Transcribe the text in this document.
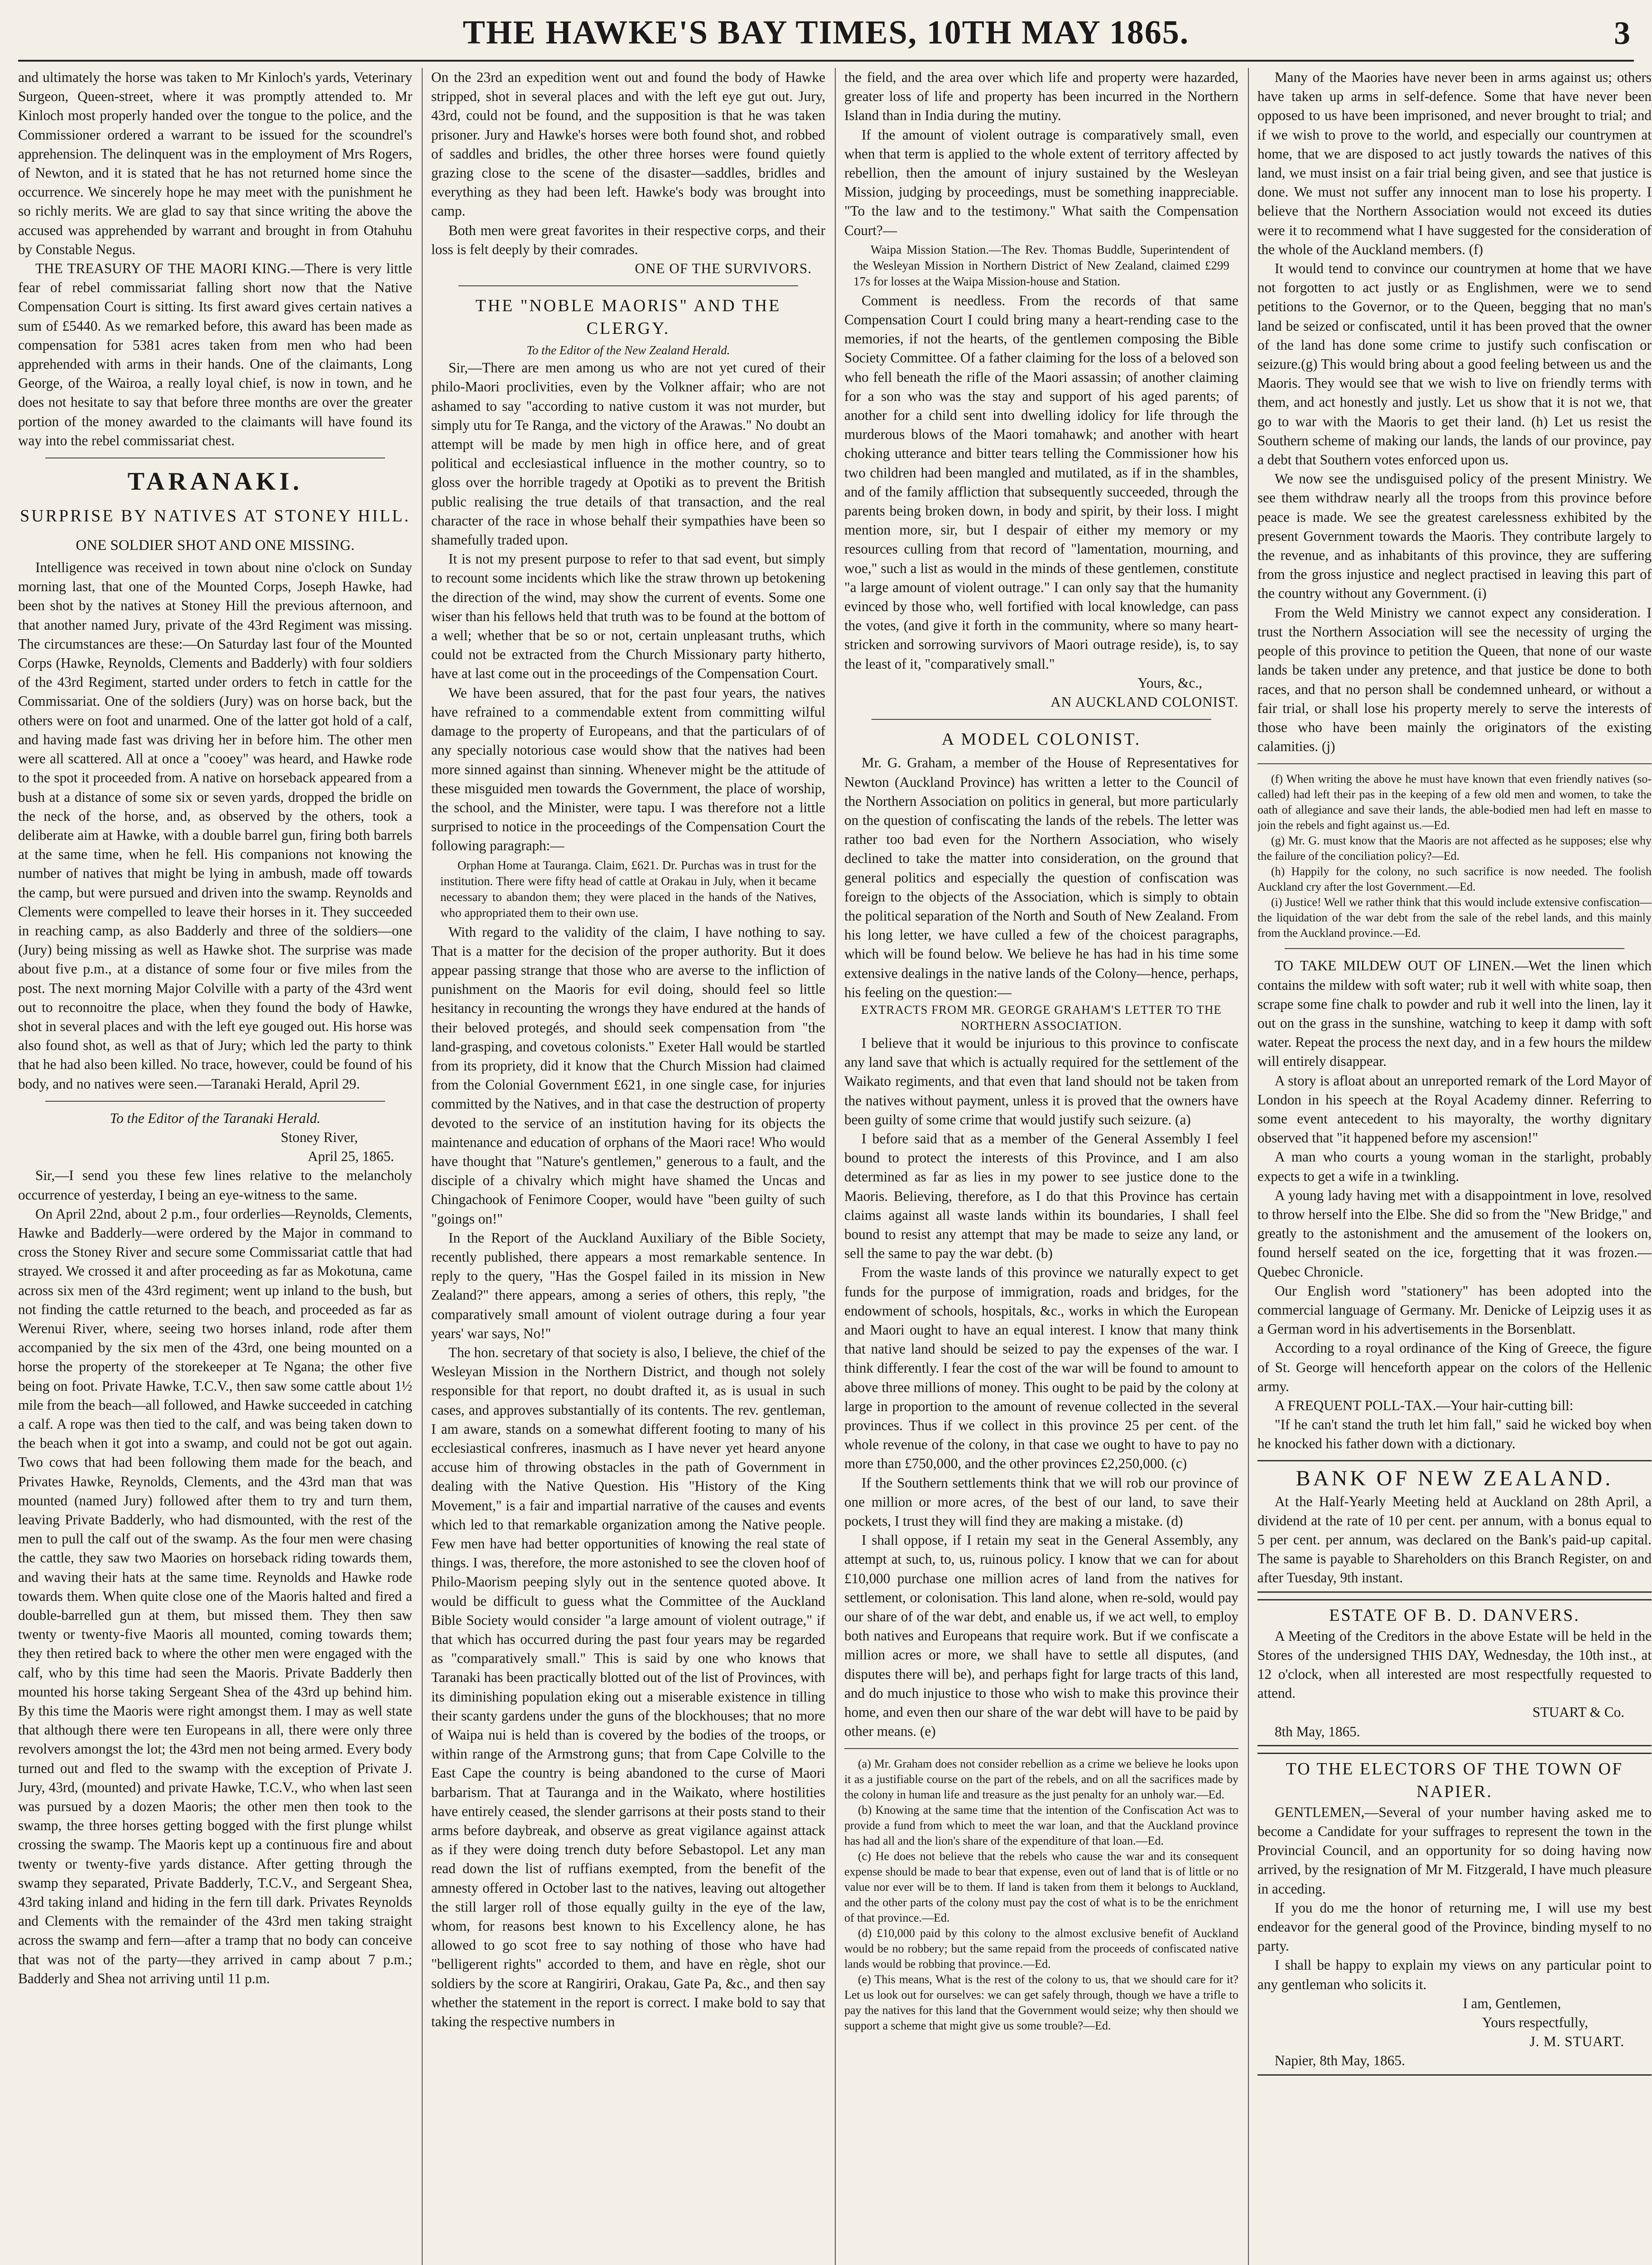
THE HAWKE'S BAY TIMES, 10TH MAY 1865.	3

and ultimately the horse was taken to Mr Kinloch's yards, Veterinary Surgeon, Queen-street, where it was promptly attended to. Mr Kinloch most properly handed over the tongue to the police, and the Commissioner ordered a warrant to be issued for the scoundrel's apprehension. The delinquent was in the employment of Mrs Rogers, of Newton, and it is stated that he has not returned home since the occurrence. We sincerely hope he may meet with the punishment he so richly merits. We are glad to say that since writing the above the accused was apprehended by warrant and brought in from Otahuhu by Constable Negus.

THE TREASURY OF THE MAORI KING.—There is very little fear of rebel commissariat falling short now that the Native Compensation Court is sitting. Its first award gives certain natives a sum of £5440. As we remarked before, this award has been made as compensation for 5381 acres taken from men who had been apprehended with arms in their hands. One of the claimants, Long George, of the Wairoa, a really loyal chief, is now in town, and he does not hesitate to say that before three months are over the greater portion of the money awarded to the claimants will have found its way into the rebel commissariat chest.

TARANAKI.

SURPRISE BY NATIVES AT STONEY HILL.

ONE SOLDIER SHOT AND ONE MISSING.

Intelligence was received in town about nine o'clock on Sunday morning last, that one of the Mounted Corps, Joseph Hawke, had been shot by the natives at Stoney Hill the previous afternoon, and that another named Jury, private of the 43rd Regiment was missing. The circumstances are these:—On Saturday last four of the Mounted Corps (Hawke, Reynolds, Clements and Badderly) with four soldiers of the 43rd Regiment, started under orders to fetch in cattle for the Commissariat. One of the soldiers (Jury) was on horse back, but the others were on foot and unarmed. One of the latter got hold of a calf, and having made fast was driving her in before him. The other men were all scattered. All at once a "cooey" was heard, and Hawke rode to the spot it proceeded from. A native on horseback appeared from a bush at a distance of some six or seven yards, dropped the bridle on the neck of the horse, and, as observed by the others, took a deliberate aim at Hawke, with a double barrel gun, firing both barrels at the same time, when he fell. His companions not knowing the number of natives that might be lying in ambush, made off towards the camp, but were pursued and driven into the swamp. Reynolds and Clements were compelled to leave their horses in it. They succeeded in reaching camp, as also Badderly and three of the soldiers—one (Jury) being missing as well as Hawke shot. The surprise was made about five p.m., at a distance of some four or five miles from the post. The next morning Major Colville with a party of the 43rd went out to reconnoitre the place, when they found the body of Hawke, shot in several places and with the left eye gouged out. His horse was also found shot, as well as that of Jury; which led the party to think that he had also been killed. No trace, however, could be found of his body, and no natives were seen.—Taranaki Herald, April 29.

To the Editor of the Taranaki Herald.

Stoney River,

April 25, 1865.

Sir,—I send you these few lines relative to the melancholy occurrence of yesterday, I being an eye-witness to the same.

On April 22nd, about 2 p.m., four orderlies—Reynolds, Clements, Hawke and Badderly—were ordered by the Major in command to cross the Stoney River and secure some Commissariat cattle that had strayed. We crossed it and after proceeding as far as Mokotuna, came across six men of the 43rd regiment; went up inland to the bush, but not finding the cattle returned to the beach, and proceeded as far as Werenui River, where, seeing two horses inland, rode after them accompanied by the six men of the 43rd, one being mounted on a horse the property of the storekeeper at Te Ngana; the other five being on foot. Private Hawke, T.C.V., then saw some cattle about 1½ mile from the beach—all followed, and Hawke succeeded in catching a calf. A rope was then tied to the calf, and was being taken down to the beach when it got into a swamp, and could not be got out again. Two cows that had been following them made for the beach, and Privates Hawke, Reynolds, Clements, and the 43rd man that was mounted (named Jury) followed after them to try and turn them, leaving Private Badderly, who had dismounted, with the rest of the men to pull the calf out of the swamp. As the four men were chasing the cattle, they saw two Maories on horseback riding towards them, and waving their hats at the same time. Reynolds and Hawke rode towards them. When quite close one of the Maoris halted and fired a double-barrelled gun at them, but missed them. They then saw twenty or twenty-five Maoris all mounted, coming towards them; they then retired back to where the other men were engaged with the calf, who by this time had seen the Maoris. Private Badderly then mounted his horse taking Sergeant Shea of the 43rd up behind him. By this time the Maoris were right amongst them. I may as well state that although there were ten Europeans in all, there were only three revolvers amongst the lot; the 43rd men not being armed. Every body turned out and fled to the swamp with the exception of Private J. Jury, 43rd, (mounted) and private Hawke, T.C.V., who when last seen was pursued by a dozen Maoris; the other men then took to the swamp, the three horses getting bogged with the first plunge whilst crossing the swamp. The Maoris kept up a continuous fire and about twenty or twenty-five yards distance. After getting through the swamp they separated, Private Badderly, T.C.V., and Sergeant Shea, 43rd taking inland and hiding in the fern till dark. Privates Reynolds and Clements with the remainder of the 43rd men taking straight across the swamp and fern—after a tramp that no body can conceive that was not of the party—they arrived in camp about 7 p.m.; Badderly and Shea not arriving until 11 p.m.

On the 23rd an expedition went out and found the body of Hawke stripped, shot in several places and with the left eye gut out. Jury, 43rd, could not be found, and the supposition is that he was taken prisoner. Jury and Hawke's horses were both found shot, and robbed of saddles and bridles, the other three horses were found quietly grazing close to the scene of the disaster—saddles, bridles and everything as they had been left. Hawke's body was brought into camp.

Both men were great favorites in their respective corps, and their loss is felt deeply by their comrades.

ONE OF THE SURVIVORS.

THE "NOBLE MAORIS" AND THE CLERGY.

To the Editor of the New Zealand Herald.

Sir,—There are men among us who are not yet cured of their philo-Maori proclivities, even by the Volkner affair; who are not ashamed to say "according to native custom it was not murder, but simply utu for Te Ranga, and the victory of the Arawas." No doubt an attempt will be made by men high in office here, and of great political and ecclesiastical influence in the mother country, so to gloss over the horrible tragedy at Opotiki as to prevent the British public realising the true details of that transaction, and the real character of the race in whose behalf their sympathies have been so shamefully traded upon.

It is not my present purpose to refer to that sad event, but simply to recount some incidents which like the straw thrown up betokening the direction of the wind, may show the current of events. Some one wiser than his fellows held that truth was to be found at the bottom of a well; whether that be so or not, certain unpleasant truths, which could not be extracted from the Church Missionary party hitherto, have at last come out in the proceedings of the Compensation Court.

We have been assured, that for the past four years, the natives have refrained to a commendable extent from committing wilful damage to the property of Europeans, and that the particulars of of any specially notorious case would show that the natives had been more sinned against than sinning. Whenever might be the attitude of these misguided men towards the Government, the place of worship, the school, and the Minister, were tapu. I was therefore not a little surprised to notice in the proceedings of the Compensation Court the following paragraph:—

Orphan Home at Tauranga. Claim, £621. Dr. Purchas was in trust for the institution. There were fifty head of cattle at Orakau in July, when it became necessary to abandon them; they were placed in the hands of the Natives, who appropriated them to their own use.

With regard to the validity of the claim, I have nothing to say. That is a matter for the decision of the proper authority. But it does appear passing strange that those who are averse to the infliction of punishment on the Maoris for evil doing, should feel so little hesitancy in recounting the wrongs they have endured at the hands of their beloved protegés, and should seek compensation from "the land-grasping, and covetous colonists." Exeter Hall would be startled from its propriety, did it know that the Church Mission had claimed from the Colonial Government £621, in one single case, for injuries committed by the Natives, and in that case the destruction of property devoted to the service of an institution having for its objects the maintenance and education of orphans of the Maori race! Who would have thought that "Nature's gentlemen," generous to a fault, and the disciple of a chivalry which might have shamed the Uncas and Chingachook of Fenimore Cooper, would have "been guilty of such "goings on!"

In the Report of the Auckland Auxiliary of the Bible Society, recently published, there appears a most remarkable sentence. In reply to the query, "Has the Gospel failed in its mission in New Zealand?" there appears, among a series of others, this reply, "the comparatively small amount of violent outrage during a four year years' war says, No!"

The hon. secretary of that society is also, I believe, the chief of the Wesleyan Mission in the Northern District, and though not solely responsible for that report, no doubt drafted it, as is usual in such cases, and approves substantially of its contents. The rev. gentleman, I am aware, stands on a somewhat different footing to many of his ecclesiastical confreres, inasmuch as I have never yet heard anyone accuse him of throwing obstacles in the path of Government in dealing with the Native Question. His "History of the King Movement," is a fair and impartial narrative of the causes and events which led to that remarkable organization among the Native people. Few men have had better opportunities of knowing the real state of things. I was, therefore, the more astonished to see the cloven hoof of Philo-Maorism peeping slyly out in the sentence quoted above. It would be difficult to guess what the Committee of the Auckland Bible Society would consider "a large amount of violent outrage," if that which has occurred during the past four years may be regarded as "comparatively small." This is said by one who knows that Taranaki has been practically blotted out of the list of Provinces, with its diminishing population eking out a miserable existence in tilling their scanty gardens under the guns of the blockhouses; that no more of Waipa nui is held than is covered by the bodies of the troops, or within range of the Armstrong guns; that from Cape Colville to the East Cape the country is being abandoned to the curse of Maori barbarism. That at Tauranga and in the Waikato, where hostilities have entirely ceased, the slender garrisons at their posts stand to their arms before daybreak, and observe as great vigilance against attack as if they were doing trench duty before Sebastopol. Let any man read down the list of ruffians exempted, from the benefit of the amnesty offered in October last to the natives, leaving out altogether the still larger roll of those equally guilty in the eye of the law, whom, for reasons best known to his Excellency alone, he has allowed to go scot free to say nothing of those who have had "belligerent rights" accorded to them, and have en règle, shot our soldiers by the score at Rangiriri, Orakau, Gate Pa, &c., and then say whether the statement in the report is correct. I make bold to say that taking the respective numbers in

the field, and the area over which life and property were hazarded, greater loss of life and property has been incurred in the Northern Island than in India during the mutiny.

If the amount of violent outrage is comparatively small, even when that term is applied to the whole extent of territory affected by rebellion, then the amount of injury sustained by the Wesleyan Mission, judging by proceedings, must be something inappreciable. "To the law and to the testimony." What saith the Compensation Court?—

Waipa Mission Station.—The Rev. Thomas Buddle, Superintendent of the Wesleyan Mission in Northern District of New Zealand, claimed £299 17s for losses at the Waipa Mission-house and Station.

Comment is needless. From the records of that same Compensation Court I could bring many a heart-rending case to the memories, if not the hearts, of the gentlemen composing the Bible Society Committee. Of a father claiming for the loss of a beloved son who fell beneath the rifle of the Maori assassin; of another claiming for a son who was the stay and support of his aged parents; of another for a child sent into dwelling idolicy for life through the murderous blows of the Maori tomahawk; and another with heart choking utterance and bitter tears telling the Commissioner how his two children had been mangled and mutilated, as if in the shambles, and of the family affliction that subsequently succeeded, through the parents being broken down, in body and spirit, by their loss. I might mention more, sir, but I despair of either my memory or my resources culling from that record of "lamentation, mourning, and woe," such a list as would in the minds of these gentlemen, constitute "a large amount of violent outrage." I can only say that the humanity evinced by those who, well fortified with local knowledge, can pass the votes, (and give it forth in the community, where so many heart-stricken and sorrowing survivors of Maori outrage reside), is, to say the least of it, "comparatively small."

Yours, &c.,

AN AUCKLAND COLONIST.

A MODEL COLONIST.

Mr. G. Graham, a member of the House of Representatives for Newton (Auckland Province) has written a letter to the Council of the Northern Association on politics in general, but more particularly on the question of confiscating the lands of the rebels. The letter was rather too bad even for the Northern Association, who wisely declined to take the matter into consideration, on the ground that general politics and especially the question of confiscation was foreign to the objects of the Association, which is simply to obtain the political separation of the North and South of New Zealand. From his long letter, we have culled a few of the choicest paragraphs, which will be found below. We believe he has had in his time some extensive dealings in the native lands of the Colony—hence, perhaps, his feeling on the question:—

EXTRACTS FROM MR. GEORGE GRAHAM'S LETTER TO THE NORTHERN ASSOCIATION.

I believe that it would be injurious to this province to confiscate any land save that which is actually required for the settlement of the Waikato regiments, and that even that land should not be taken from the natives without payment, unless it is proved that the owners have been guilty of some crime that would justify such seizure. (a)

I before said that as a member of the General Assembly I feel bound to protect the interests of this Province, and I am also determined as far as lies in my power to see justice done to the Maoris. Believing, therefore, as I do that this Province has certain claims against all waste lands within its boundaries, I shall feel bound to resist any attempt that may be made to seize any land, or sell the same to pay the war debt. (b)

From the waste lands of this province we naturally expect to get funds for the purpose of immigration, roads and bridges, for the endowment of schools, hospitals, &c., works in which the European and Maori ought to have an equal interest. I know that many think that native land should be seized to pay the expenses of the war. I think differently. I fear the cost of the war will be found to amount to above three millions of money. This ought to be paid by the colony at large in proportion to the amount of revenue collected in the several provinces. Thus if we collect in this province 25 per cent. of the whole revenue of the colony, in that case we ought to have to pay no more than £750,000, and the other provinces £2,250,000. (c)

If the Southern settlements think that we will rob our province of one million or more acres, of the best of our land, to save their pockets, I trust they will find they are making a mistake. (d)

I shall oppose, if I retain my seat in the General Assembly, any attempt at such, to, us, ruinous policy. I know that we can for about £10,000 purchase one million acres of land from the natives for settlement, or colonisation. This land alone, when re-sold, would pay our share of of the war debt, and enable us, if we act well, to employ both natives and Europeans that require work. But if we confiscate a million acres or more, we shall have to settle all disputes, (and disputes there will be), and perhaps fight for large tracts of this land, and do much injustice to those who wish to make this province their home, and even then our share of the war debt will have to be paid by other means. (e)

(a) Mr. Graham does not consider rebellion as a crime we believe he looks upon it as a justifiable course on the part of the rebels, and on all the sacrifices made by the colony in human life and treasure as the just penalty for an unholy war.—Ed.

(b) Knowing at the same time that the intention of the Confiscation Act was to provide a fund from which to meet the war loan, and that the Auckland province has had all and the lion's share of the expenditure of that loan.—Ed.

(c) He does not believe that the rebels who cause the war and its consequent expense should be made to bear that expense, even out of land that is of little or no value nor ever will be to them. If land is taken from them it belongs to Auckland, and the other parts of the colony must pay the cost of what is to be the enrichment of that province.—Ed.

(d) £10,000 paid by this colony to the almost exclusive benefit of Auckland would be no robbery; but the same repaid from the proceeds of confiscated native lands would be robbing that province.—Ed.

(e) This means, What is the rest of the colony to us, that we should care for it? Let us look out for ourselves: we can get safely through, though we have a trifle to pay the natives for this land that the Government would seize; why then should we support a scheme that might give us some trouble?—Ed.

Many of the Maories have never been in arms against us; others have taken up arms in self-defence. Some that have never been opposed to us have been imprisoned, and never brought to trial; and if we wish to prove to the world, and especially our countrymen at home, that we are disposed to act justly towards the natives of this land, we must insist on a fair trial being given, and see that justice is done. We must not suffer any innocent man to lose his property. I believe that the Northern Association would not exceed its duties were it to recommend what I have suggested for the consideration of the whole of the Auckland members. (f)

It would tend to convince our countrymen at home that we have not forgotten to act justly or as Englishmen, were we to send petitions to the Governor, or to the Queen, begging that no man's land be seized or confiscated, until it has been proved that the owner of the land has done some crime to justify such confiscation or seizure.(g) This would bring about a good feeling between us and the Maoris. They would see that we wish to live on friendly terms with them, and act honestly and justly. Let us show that it is not we, that go to war with the Maoris to get their land. (h) Let us resist the Southern scheme of making our lands, the lands of our province, pay a debt that Southern votes enforced upon us.

We now see the undisguised policy of the present Ministry. We see them withdraw nearly all the troops from this province before peace is made. We see the greatest carelessness exhibited by the present Government towards the Maoris. They contribute largely to the revenue, and as inhabitants of this province, they are suffering from the gross injustice and neglect practised in leaving this part of the country without any Government. (i)

From the Weld Ministry we cannot expect any consideration. I trust the Northern Association will see the necessity of urging the people of this province to petition the Queen, that none of our waste lands be taken under any pretence, and that justice be done to both races, and that no person shall be condemned unheard, or without a fair trial, or shall lose his property merely to serve the interests of those who have been mainly the originators of the existing calamities. (j)

(f) When writing the above he must have known that even friendly natives (so-called) had left their pas in the keeping of a few old men and women, to take the oath of allegiance and save their lands, the able-bodied men had left en masse to join the rebels and fight against us.—Ed.

(g) Mr. G. must know that the Maoris are not affected as he supposes; else why the failure of the conciliation policy?—Ed.

(h) Happily for the colony, no such sacrifice is now needed. The foolish Auckland cry after the lost Government.—Ed.

(i) Justice! Well we rather think that this would include extensive confiscation—the liquidation of the war debt from the sale of the rebel lands, and this mainly from the Auckland province.—Ed.

TO TAKE MILDEW OUT OF LINEN.—Wet the linen which contains the mildew with soft water; rub it well with white soap, then scrape some fine chalk to powder and rub it well into the linen, lay it out on the grass in the sunshine, watching to keep it damp with soft water. Repeat the process the next day, and in a few hours the mildew will entirely disappear.

A story is afloat about an unreported remark of the Lord Mayor of London in his speech at the Royal Academy dinner. Referring to some event antecedent to his mayoralty, the worthy dignitary observed that "it happened before my ascension!"

A man who courts a young woman in the starlight, probably expects to get a wife in a twinkling.

A young lady having met with a disappointment in love, resolved to throw herself into the Elbe. She did so from the "New Bridge," and greatly to the astonishment and the amusement of the lookers on, found herself seated on the ice, forgetting that it was frozen.—Quebec Chronicle.

Our English word "stationery" has been adopted into the commercial language of Germany. Mr. Denicke of Leipzig uses it as a German word in his advertisements in the Borsenblatt.

According to a royal ordinance of the King of Greece, the figure of St. George will henceforth appear on the colors of the Hellenic army.

A FREQUENT POLL-TAX.—Your hair-cutting bill:

"If he can't stand the truth let him fall," said he wicked boy when he knocked his father down with a dictionary.

BANK OF NEW ZEALAND.

At the Half-Yearly Meeting held at Auckland on 28th April, a dividend at the rate of 10 per cent. per annum, with a bonus equal to 5 per cent. per annum, was declared on the Bank's paid-up capital. The same is payable to Shareholders on this Branch Register, on and after Tuesday, 9th instant.

ESTATE OF B. D. DANVERS.

A Meeting of the Creditors in the above Estate will be held in the Stores of the undersigned THIS DAY, Wednesday, the 10th inst., at 12 o'clock, when all interested are most respectfully requested to attend.

STUART & Co.

8th May, 1865.

TO THE ELECTORS OF THE TOWN OF NAPIER.

GENTLEMEN,—Several of your number having asked me to become a Candidate for your suffrages to represent the town in the Provincial Council, and an opportunity for so doing having now arrived, by the resignation of Mr M. Fitzgerald, I have much pleasure in acceding.

If you do me the honor of returning me, I will use my best endeavor for the general good of the Province, binding myself to no party.

I shall be happy to explain my views on any particular point to any gentleman who solicits it.

I am, Gentlemen,

Yours respectfully,

J. M. STUART.

Napier, 8th May, 1865.
